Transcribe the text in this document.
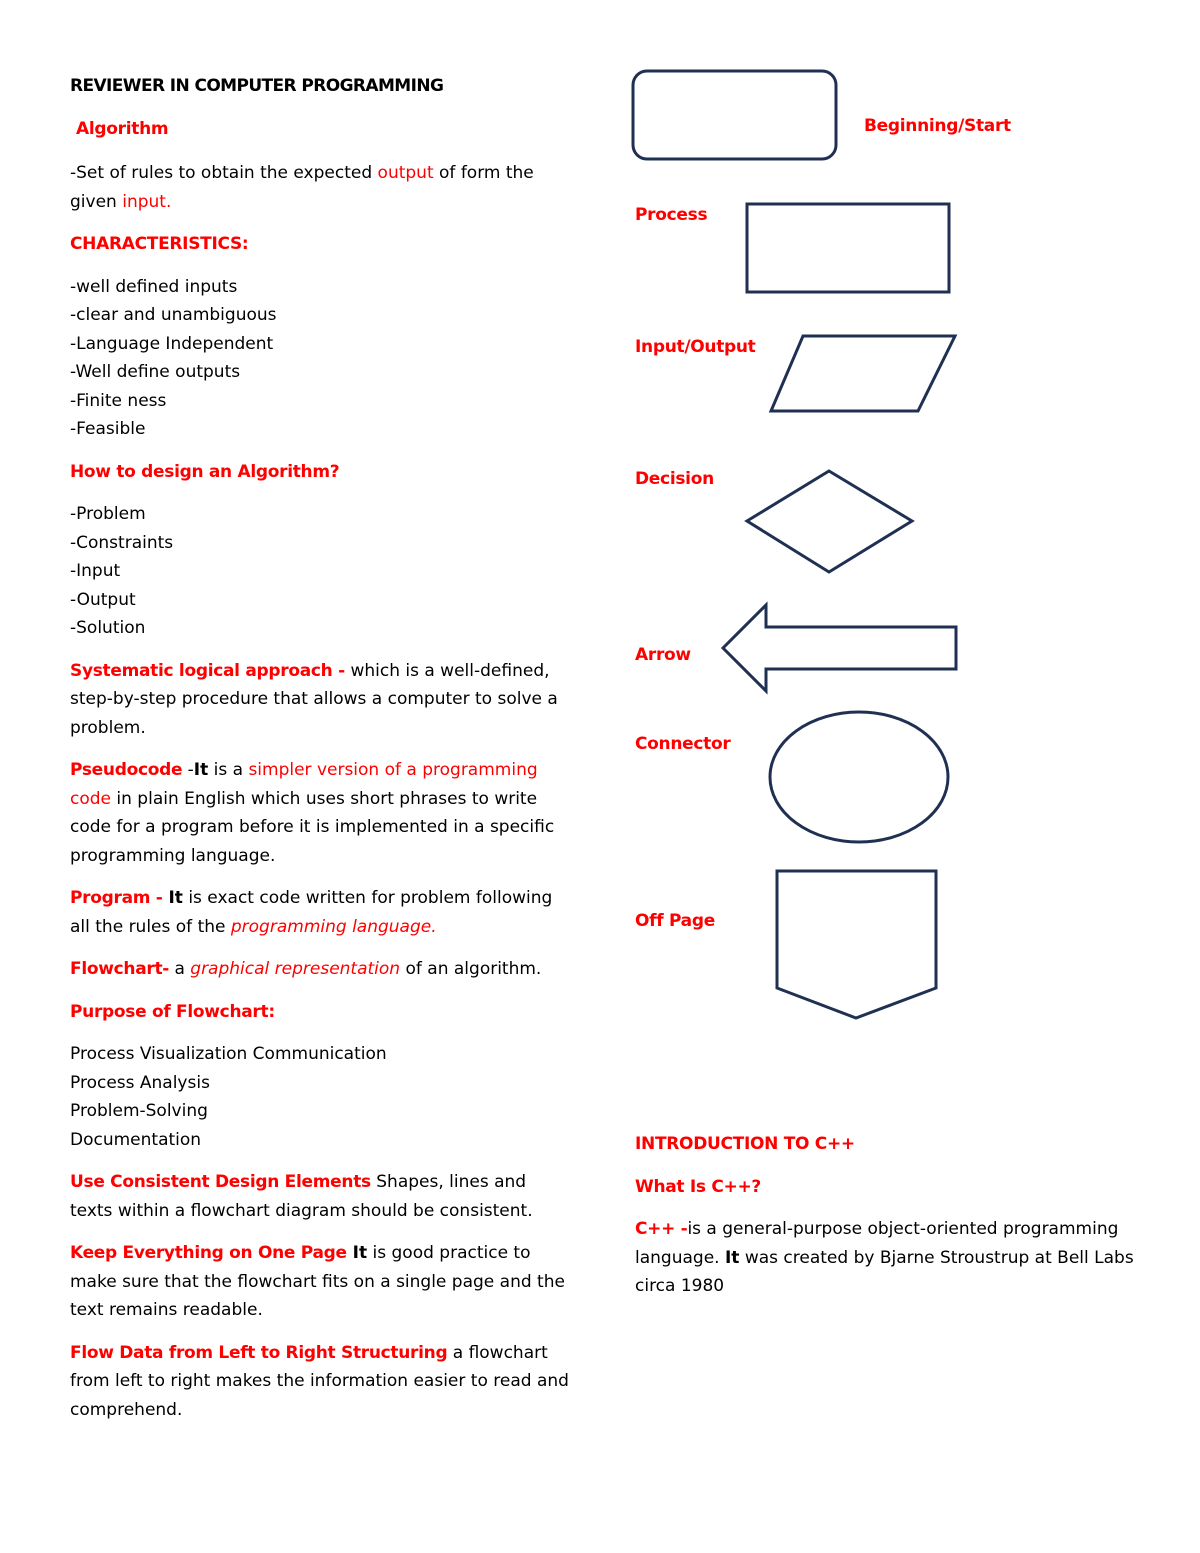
REVIEWER IN COMPUTER PROGRAMMING

Algorithm

-Set of rules to obtain the expected output of form the given input.

CHARACTERISTICS:

-well defined inputs
-clear and unambiguous
-Language Independent
-Well define outputs
-Finite ness
-Feasible

How to design an Algorithm?

-Problem
-Constraints
-Input
-Output
-Solution

Systematic logical approach - which is a well-defined, step-by-step procedure that allows a computer to solve a problem.

Pseudocode -It is a simpler version of a programming code in plain English which uses short phrases to write code for a program before it is implemented in a specific programming language.

Program - It is exact code written for problem following all the rules of the programming language.

Flowchart- a graphical representation of an algorithm.

Purpose of Flowchart:

Process Visualization Communication
Process Analysis
Problem-Solving
Documentation

Use Consistent Design Elements Shapes, lines and texts within a flowchart diagram should be consistent.

Keep Everything on One Page It is good practice to make sure that the flowchart fits on a single page and the text remains readable.

Flow Data from Left to Right Structuring a flowchart from left to right makes the information easier to read and comprehend.

Beginning/Start
Process
Input/Output
Decision
Arrow
Connector
Off Page

INTRODUCTION TO C++

What Is C++?

C++ -is a general-purpose object-oriented programming language. It was created by Bjarne Stroustrup at Bell Labs circa 1980
